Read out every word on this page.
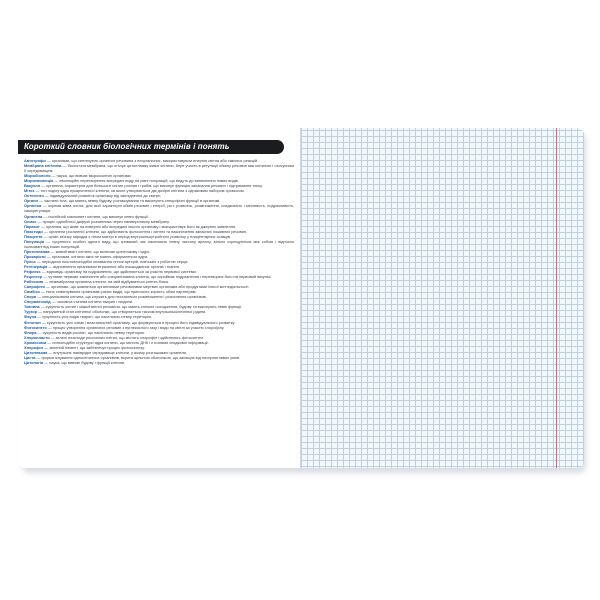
Короткий словник біологічних термінів і понять
Автотрофи — організми, що синтезують органічні речовини з неорганічних, використовуючи енергію світла або хімічних реакцій.
Мембрана клітинна — біологічна мембрана, що оточує цитоплазму живої клітини, бере участь в регуляції обміну речовин між клітиною і оточуючим її середовищем.
Мікробіологія — наука, що вивчає мікроскопічні організми.
Мікроеволюція — еволюційні перетворення всередині виду на рівні популяцій, що ведуть до виникнення нових видів.
Вакуоля — органела, характерна для більшості клітин рослин і грибів, що виконує функцію запасання речовин і підтримання тиску.
Мітоз — тип поділу ядра еукаріотичної клітини, за якого утворюються дві дочірні клітини з однаковим набором хромосом.
Онтогенез — індивідуальний розвиток організму від запліднення до смерті.
Органи — частини тіла, що мають певну будову, розташування та виконують специфічні функції в організмі.
Організм — окрема жива істота, для якої характерні обмін речовин і енергії, ріст, розвиток, розмноження, спадковість і мінливість, подразливість, саморегуляція.
Органела — постійний компонент клітини, що виконує певні функції.
Осмос — процес однобічної дифузії розчинника через напівпроникну мембрану.
Паразит — організм, що живе на поверхні або всередині іншого організму і використовує його як джерело живлення.
Пластиди — органели рослинної клітини, що здійснюють фотосинтез і синтез та накопичення запасних поживних речовин.
Плацента — орган зв'язку зародка з тілом матері в період внутрішньоутробного розвитку у плацентарних ссавців.
Популяція — сукупність особин одного виду, що тривалий час населяють певну частину ареалу, вільно схрещуються між собою і відносно ізольовані від інших популяцій.
Протоплазма — живий вміст клітини, що включає цитоплазму і ядро.
Прокаріоти — організми, клітини яких не мають оформленого ядра.
Пульс — періодичні поштовхоподібні коливання стінок артерій, пов'язані з роботою серця.
Регенерація — відновлення організмом втрачених або пошкоджених органів і тканин.
Рефлекс — відповідь організму на подразнення, що здійснюється за участю нервової системи.
Рецептор — чутливе нервове закінчення або спеціалізована клітина, що сприймає подразнення і перетворює його на нервовий імпульс.
Рибосома — немембранна органела клітини, на якій відбувається синтез білка.
Сапрофіти — організми, що живляться органічними речовинами мертвих організмів або продуктами їхньої життєдіяльності.
Симбіоз — тісне співіснування організмів різних видів, що приносить користь обом партнерам.
Спора — спеціалізована клітина, що служить для нестатевого розмноження і розселення організмів.
Сперматозоїд — чоловіча статева клітина тварин і людини.
Тканина — сукупність клітин і міжклітинної речовини, що мають спільне походження, будову та виконують певні функції.
Тургор — напружений стан клітинної оболонки, що створюється тиском внутрішньоклітинної рідини.
Фауна — сукупність усіх видів тварин, що населяють певну територію.
Фенотип — сукупність усіх ознак і властивостей організму, що формуються в процесі його індивідуального розвитку.
Фотосинтез — процес утворення органічних речовин з вуглекислого газу і води на світлі за участю хлорофілу.
Флора — сукупність видів рослин, що населяють певну територію.
Хлоропласти — зелені пластиди рослинних клітин, що містять хлорофіл і здійснюють фотосинтез.
Хромосоми — ниткоподібні структури ядра клітини, що містять ДНК і є носіями спадкової інформації.
Хлорофіл — зелений пігмент, що забезпечує процес фотосинтезу.
Цитоплазма — внутрішнє напіврідке середовище клітини, у якому розташовані органели.
Циста — форма існування одноклітинних організмів, вкрита щільною оболонкою, що захищає від несприятливих умов.
Цитологія — наука, що вивчає будову і функції клітини.
